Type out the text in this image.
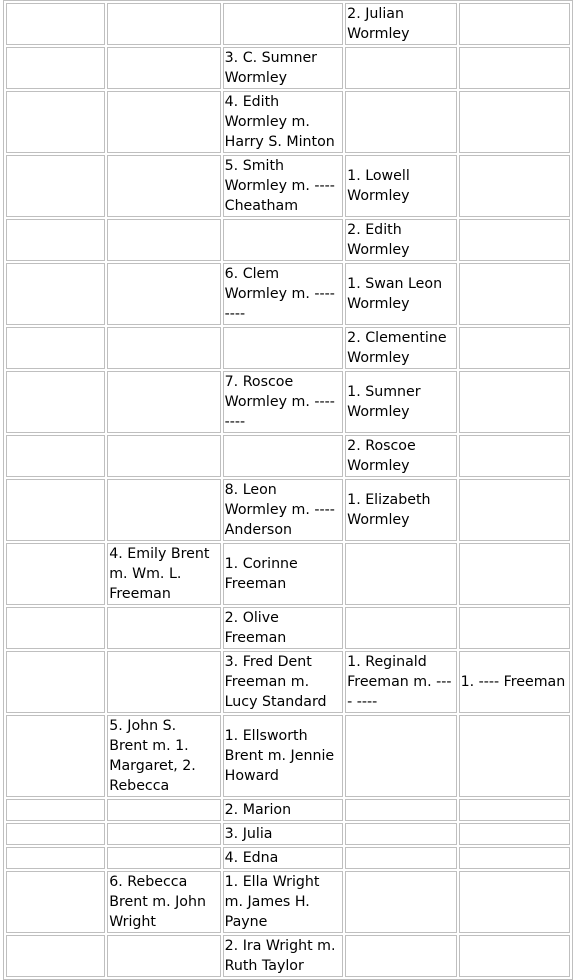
			2. Julian Wormley	
		3. C. Sumner Wormley		
		4. Edith Wormley m. Harry S. Minton		
		5. Smith Wormley m. ---- Cheatham	1. Lowell Wormley	
			2. Edith Wormley	
		6. Clem Wormley m. ---- ----	1. Swan Leon Wormley	
			2. Clementine Wormley	
		7. Roscoe Wormley m. ---- ----	1. Sumner Wormley	
			2. Roscoe Wormley	
		8. Leon Wormley m. ---- Anderson	1. Elizabeth Wormley	
	4. Emily Brent m. Wm. L. Freeman	1. Corinne Freeman		
		2. Olive Freeman		
		3. Fred Dent Freeman m. Lucy Standard	1. Reginald Freeman m. ---- ----	1. ---- Freeman
	5. John S. Brent m. 1. Margaret, 2. Rebecca	1. Ellsworth Brent m. Jennie Howard		
		2. Marion		
		3. Julia		
		4. Edna		
	6. Rebecca Brent m. John Wright	1. Ella Wright m. James H. Payne		
		2. Ira Wright m. Ruth Taylor		
